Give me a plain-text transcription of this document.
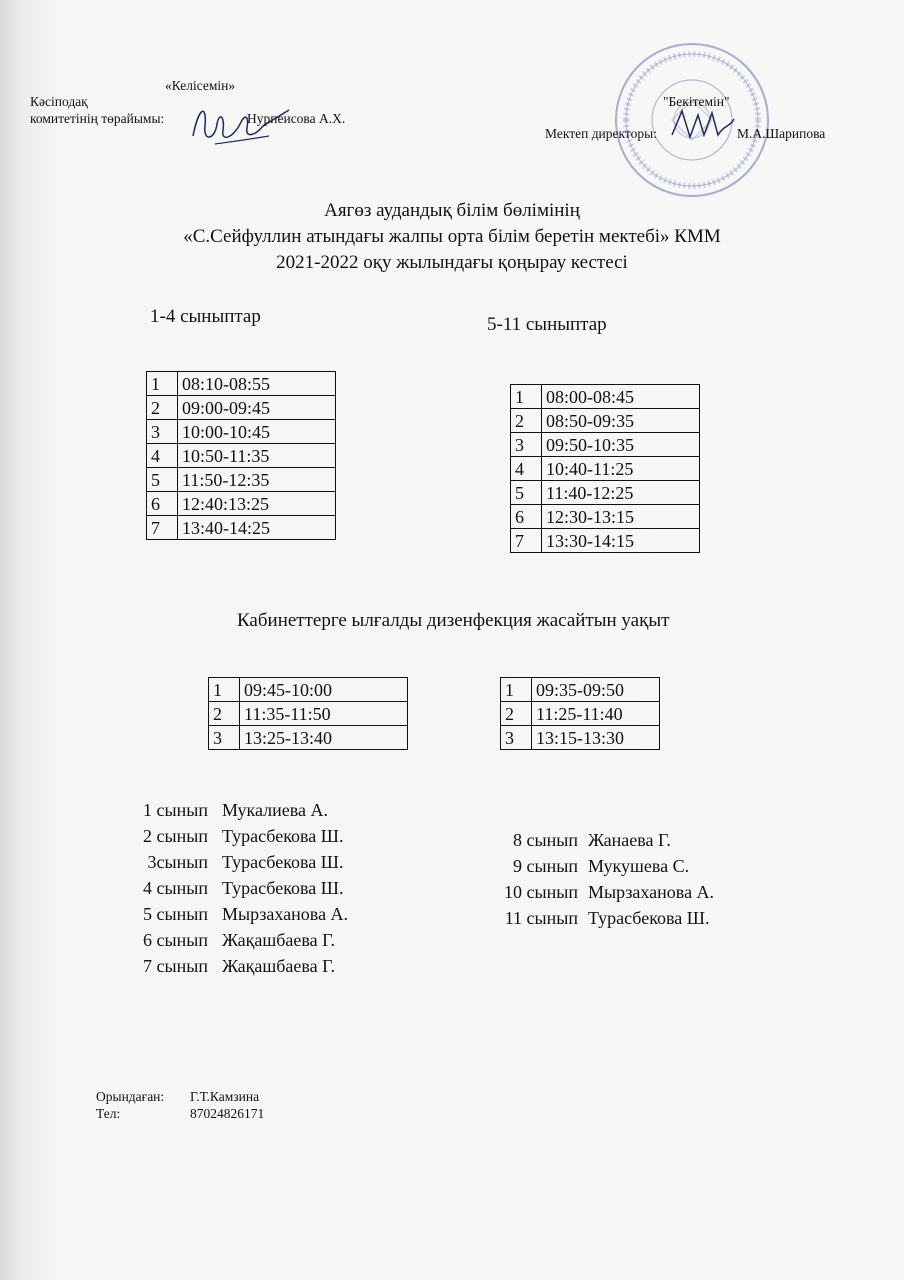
«Келісемін»
Кәсіподақ
комитетінің төрайымы:	Нурпеисова А.Х.
"Бекітемін"
Мектеп директоры:	М.А.Шарипова
Аягөз аудандық білім бөлімінің
«С.Сейфуллин атындағы жалпы орта білім беретін мектебі» КММ
2021-2022 оқу жылындағы қоңырау кестесі
1-4 сыныптар	5-11 сыныптар
1	08:10-08:55
2	09:00-09:45
3	10:00-10:45
4	10:50-11:35
5	11:50-12:35
6	12:40:13:25
7	13:40-14:25
1	08:00-08:45
2	08:50-09:35
3	09:50-10:35
4	10:40-11:25
5	11:40-12:25
6	12:30-13:15
7	13:30-14:15
Кабинеттерге ылғалды дизенфекция жасайтын уақыт
1	09:45-10:00
2	11:35-11:50
3	13:25-13:40
1	09:35-09:50
2	11:25-11:40
3	13:15-13:30
1 сынып Мукалиева А.
2 сынып Турасбекова Ш.
3сынып Турасбекова Ш.
4 сынып Турасбекова Ш.
5 сынып Мырзаханова А.
6 сынып Жақашбаева Г.
7 сынып Жақашбаева Г.
8 сынып Жанаева Г.
9 сынып Мукушева С.
10 сынып Мырзаханова А.
11 сынып Турасбекова Ш.
Орындаған: Г.Т.Камзина
Тел:	87024826171
